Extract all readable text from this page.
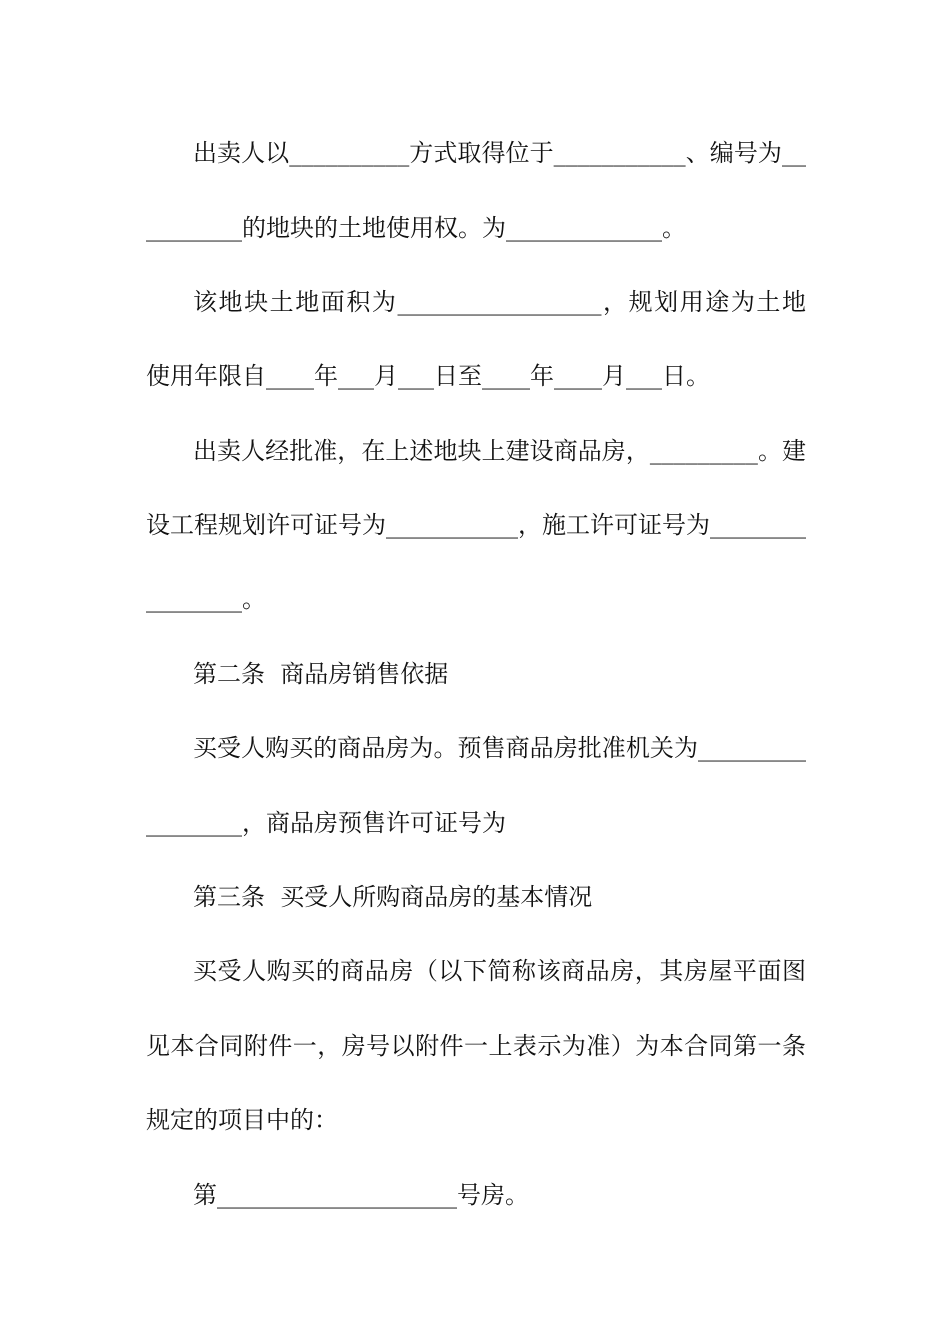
出卖人以__________方式取得位于___________、编号为__
________的地块的土地使用权。为_____________。
该地块土地面积为_________________，规划用途为土地
使用年限自____年___月___日至____年____月___日。
出卖人经批准，在上述地块上建设商品房，_________。建
设工程规划许可证号为___________，施工许可证号为________
________。
第二条  商品房销售依据
买受人购买的商品房为。预售商品房批准机关为_________
________，商品房预售许可证号为
第三条  买受人所购商品房的基本情况
买受人购买的商品房（以下简称该商品房，其房屋平面图
见本合同附件一，房号以附件一上表示为准）为本合同第一条
规定的项目中的：
第____________________号房。
